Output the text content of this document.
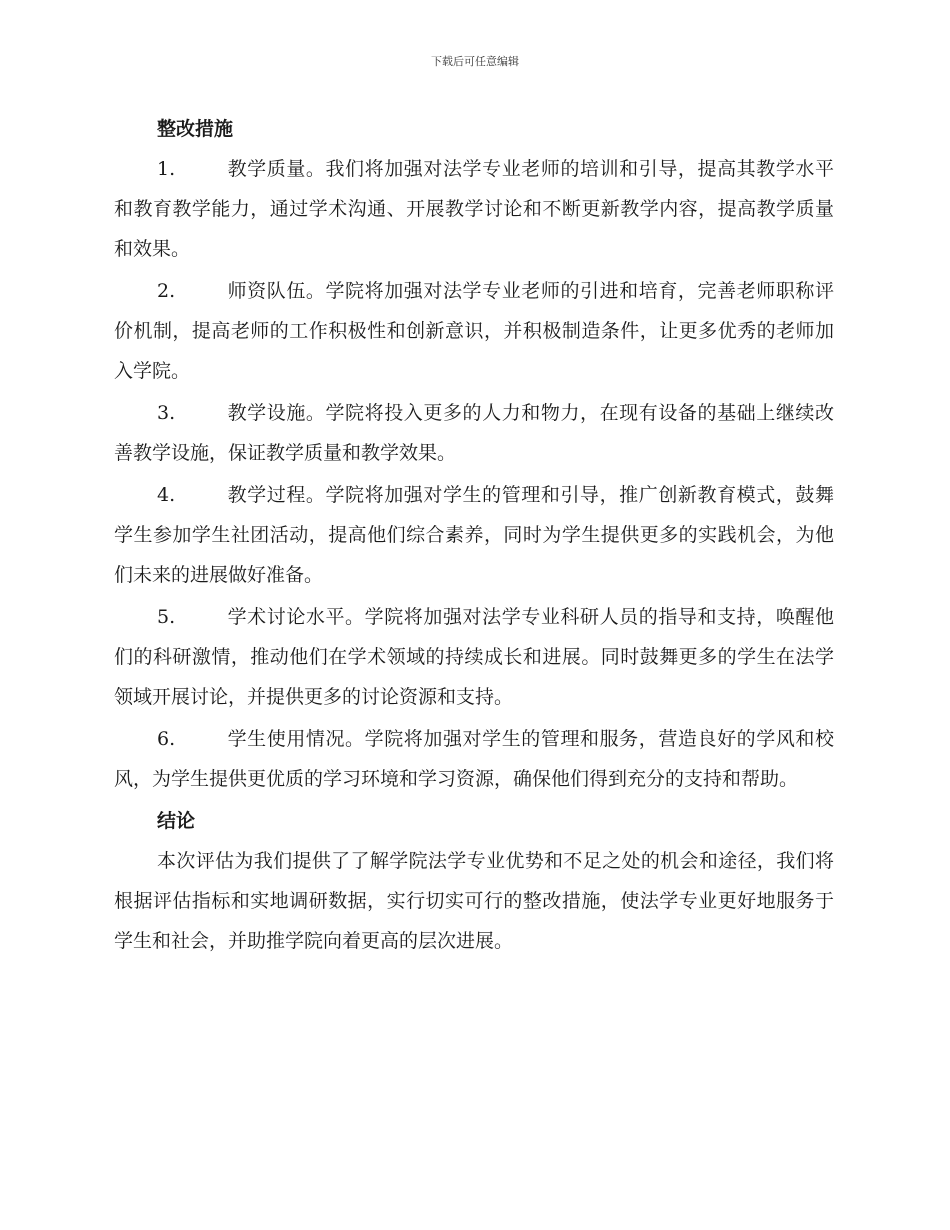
下载后可任意编辑
整改措施
1.	教学质量。我们将加强对法学专业老师的培训和引导，提高其教学水平和教育教学能力，通过学术沟通、开展教学讨论和不断更新教学内容，提高教学质量和效果。
2.	师资队伍。学院将加强对法学专业老师的引进和培育，完善老师职称评价机制，提高老师的工作积极性和创新意识，并积极制造条件，让更多优秀的老师加入学院。
3.	教学设施。学院将投入更多的人力和物力，在现有设备的基础上继续改善教学设施，保证教学质量和教学效果。
4.	教学过程。学院将加强对学生的管理和引导，推广创新教育模式，鼓舞学生参加学生社团活动，提高他们综合素养，同时为学生提供更多的实践机会，为他们未来的进展做好准备。
5.	学术讨论水平。学院将加强对法学专业科研人员的指导和支持，唤醒他们的科研激情，推动他们在学术领域的持续成长和进展。同时鼓舞更多的学生在法学领域开展讨论，并提供更多的讨论资源和支持。
6.	学生使用情况。学院将加强对学生的管理和服务，营造良好的学风和校风，为学生提供更优质的学习环境和学习资源，确保他们得到充分的支持和帮助。
结论

本次评估为我们提供了了解学院法学专业优势和不足之处的机会和途径，我们将根据评估指标和实地调研数据，实行切实可行的整改措施，使法学专业更好地服务于学生和社会，并助推学院向着更高的层次进展。
